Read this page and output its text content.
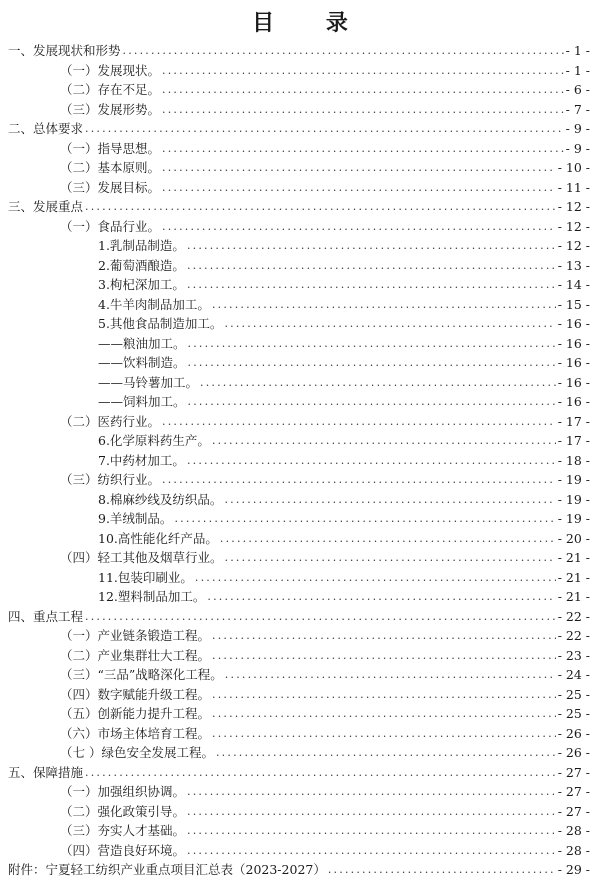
目 录
一、发展现状和形势 .....	- 1 -
（一）发展现状。 .....	- 1 -
（二）存在不足。 .....	- 6 -
（三）发展形势。 .....	- 7 -
二、总体要求 .....	- 9 -
（一）指导思想。 .....	- 9 -
（二）基本原则。 .....	- 10 -
（三）发展目标。 .....	- 11 -
三、发展重点 .....	- 12 -
（一）食品行业。 .....	- 12 -
1.乳制品制造。 .....	- 12 -
2.葡萄酒酿造。 .....	- 13 -
3.枸杞深加工。 .....	- 14 -
4.牛羊肉制品加工。 .....	- 15 -
5.其他食品制造加工。 .....	- 16 -
——粮油加工。 .....	- 16 -
——饮料制造。 .....	- 16 -
——马铃薯加工。 .....	- 16 -
——饲料加工。 .....	- 16 -
（二）医药行业。 .....	- 17 -
6.化学原料药生产。 .....	- 17 -
7.中药材加工。 .....	- 18 -
（三）纺织行业。 .....	- 19 -
8.棉麻纱线及纺织品。 .....	- 19 -
9.羊绒制品。 .....	- 19 -
10.高性能化纤产品。 .....	- 20 -
（四）轻工其他及烟草行业。 .....	- 21 -
11.包装印刷业。 .....	- 21 -
12.塑料制品加工。 .....	- 21 -
四、重点工程 .....	- 22 -
（一）产业链条锻造工程。 .....	- 22 -
（二）产业集群壮大工程。 .....	- 23 -
（三）“三品”战略深化工程。 .....	- 24 -
（四）数字赋能升级工程。 .....	- 25 -
（五）创新能力提升工程。 .....	- 25 -
（六）市场主体培育工程。 .....	- 26 -
（七 ）绿色安全发展工程。 .....	- 26 -
五、保障措施 .....	- 27 -
（一）加强组织协调。 .....	- 27 -
（二）强化政策引导。 .....	- 27 -
（三）夯实人才基础。 .....	- 28 -
（四）营造良好环境。 .....	- 28 -
附件：宁夏轻工纺织产业重点项目汇总表（2023-2027） .....	- 29 -
